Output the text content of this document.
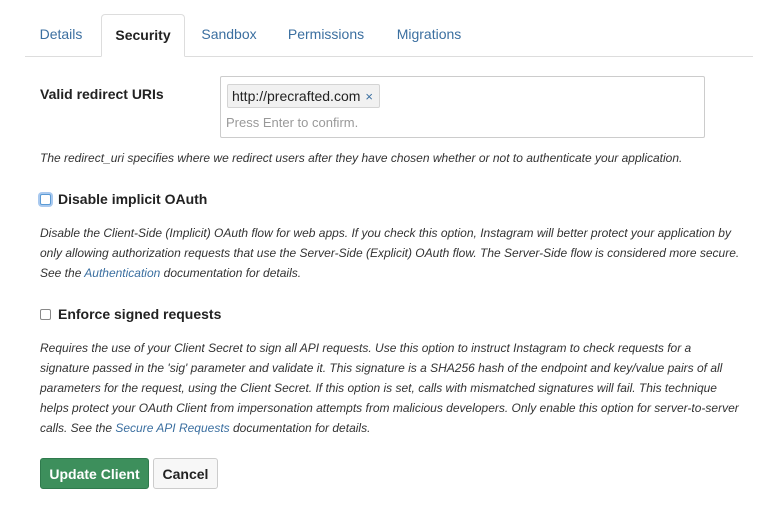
Details	Security	Sandbox	Permissions	Migrations
Valid redirect URIs	http://precrafted.com ×
Press Enter to confirm.
The redirect_uri specifies where we redirect users after they have chosen whether or not to authenticate your application.
Disable implicit OAuth
Disable the Client-Side (Implicit) OAuth flow for web apps. If you check this option, Instagram will better protect your application by only allowing authorization requests that use the Server-Side (Explicit) OAuth flow. The Server-Side flow is considered more secure. See the Authentication documentation for details.
Enforce signed requests
Requires the use of your Client Secret to sign all API requests. Use this option to instruct Instagram to check requests for a signature passed in the 'sig' parameter and validate it. This signature is a SHA256 hash of the endpoint and key/value pairs of all parameters for the request, using the Client Secret. If this option is set, calls with mismatched signatures will fail. This technique helps protect your OAuth Client from impersonation attempts from malicious developers. Only enable this option for server-to-server calls. See the Secure API Requests documentation for details.
Update Client	Cancel
